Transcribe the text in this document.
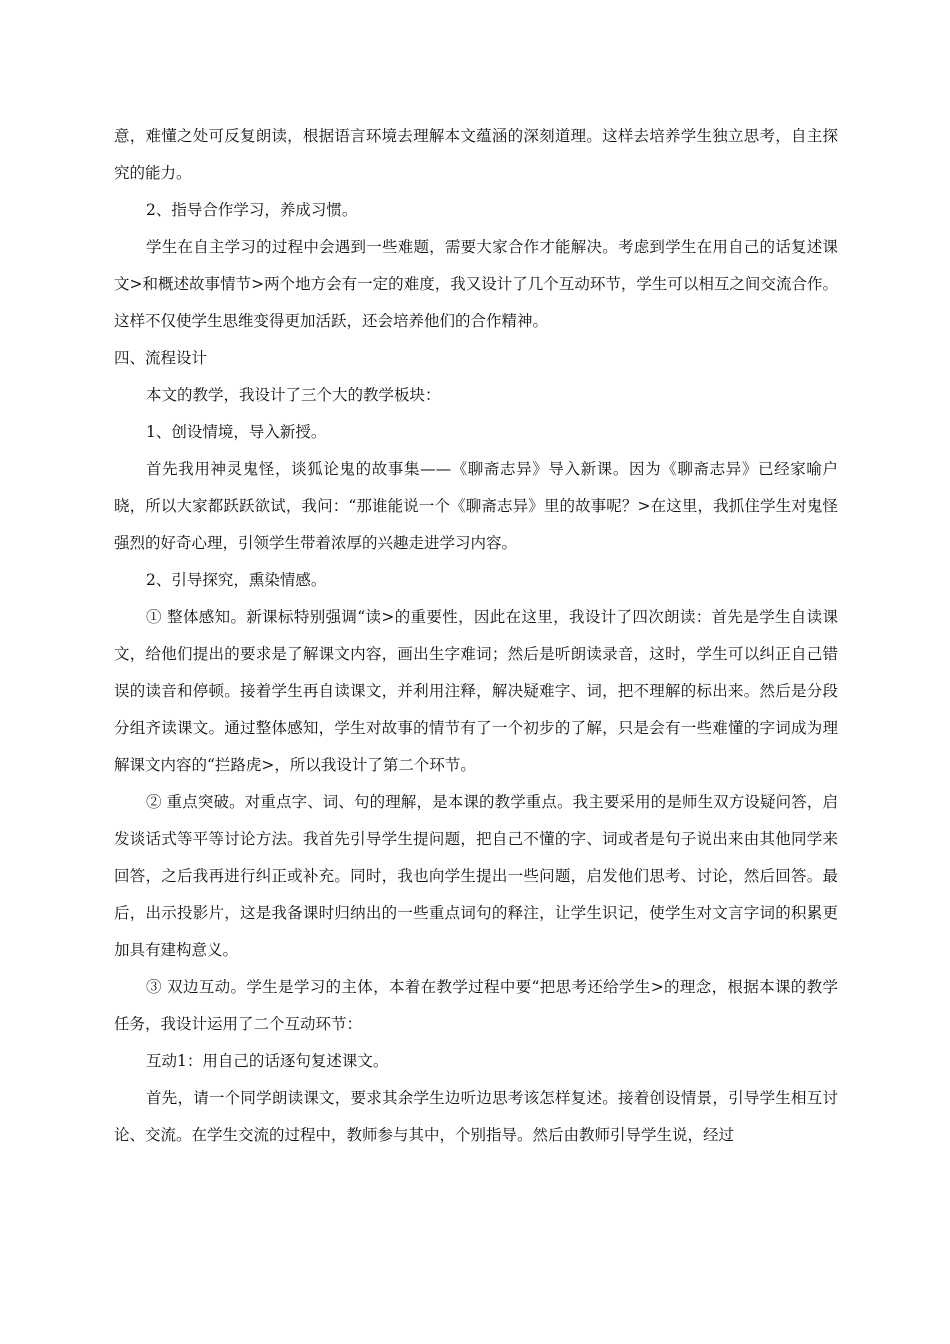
意，难懂之处可反复朗读，根据语言环境去理解本文蕴涵的深刻道理。这样去培养学生独立思考，自主探究的能力。

2、指导合作学习，养成习惯。

学生在自主学习的过程中会遇到一些难题，需要大家合作才能解决。考虑到学生在用自己的话复述课文>和概述故事情节>两个地方会有一定的难度，我又设计了几个互动环节，学生可以相互之间交流合作。这样不仅使学生思维变得更加活跃，还会培养他们的合作精神。

四、流程设计

本文的教学，我设计了三个大的教学板块：

1、创设情境，导入新授。

首先我用神灵鬼怪，谈狐论鬼的故事集——《聊斋志异》导入新课。因为《聊斋志异》已经家喻户晓，所以大家都跃跃欲试，我问：“那谁能说一个《聊斋志异》里的故事呢？>在这里，我抓住学生对鬼怪强烈的好奇心理，引领学生带着浓厚的兴趣走进学习内容。

2、引导探究，熏染情感。

① 整体感知。新课标特别强调“读>的重要性，因此在这里，我设计了四次朗读：首先是学生自读课文，给他们提出的要求是了解课文内容，画出生字难词；然后是听朗读录音，这时，学生可以纠正自己错误的读音和停顿。接着学生再自读课文，并利用注释，解决疑难字、词，把不理解的标出来。然后是分段分组齐读课文。通过整体感知，学生对故事的情节有了一个初步的了解，只是会有一些难懂的字词成为理解课文内容的“拦路虎>，所以我设计了第二个环节。

② 重点突破。对重点字、词、句的理解，是本课的教学重点。我主要采用的是师生双方设疑问答，启发谈话式等平等讨论方法。我首先引导学生提问题，把自己不懂的字、词或者是句子说出来由其他同学来回答，之后我再进行纠正或补充。同时，我也向学生提出一些问题，启发他们思考、讨论，然后回答。最后，出示投影片，这是我备课时归纳出的一些重点词句的释注，让学生识记，使学生对文言字词的积累更加具有建构意义。

③ 双边互动。学生是学习的主体，本着在教学过程中要“把思考还给学生>的理念，根据本课的教学任务，我设计运用了二个互动环节：

互动1：用自己的话逐句复述课文。

首先，请一个同学朗读课文，要求其余学生边听边思考该怎样复述。接着创设情景，引导学生相互讨论、交流。在学生交流的过程中，教师参与其中，个别指导。然后由教师引导学生说，经过
